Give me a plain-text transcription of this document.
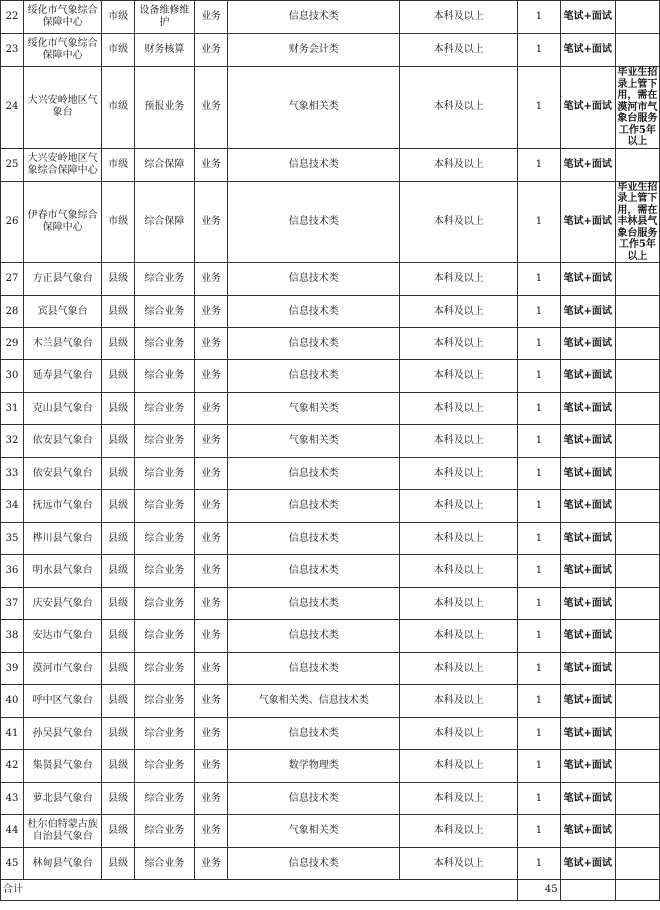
22	绥化市气象综合保障中心	市级	设备维修维护	业务	信息技术类	本科及以上	1	笔试+面试	
23	绥化市气象综合保障中心	市级	财务核算	业务	财务会计类	本科及以上	1	笔试+面试	
24	大兴安岭地区气象台	市级	预报业务	业务	气象相关类	本科及以上	1	笔试+面试	毕业生招录上管下用，需在漠河市气象台服务工作5年以上
25	大兴安岭地区气象综合保障中心	市级	综合保障	业务	信息技术类	本科及以上	1	笔试+面试	
26	伊春市气象综合保障中心	市级	综合保障	业务	信息技术类	本科及以上	1	笔试+面试	毕业生招录上管下用，需在丰林县气象台服务工作5年以上
27	方正县气象台	县级	综合业务	业务	信息技术类	本科及以上	1	笔试+面试	
28	宾县气象台	县级	综合业务	业务	信息技术类	本科及以上	1	笔试+面试	
29	木兰县气象台	县级	综合业务	业务	信息技术类	本科及以上	1	笔试+面试	
30	延寿县气象台	县级	综合业务	业务	信息技术类	本科及以上	1	笔试+面试	
31	克山县气象台	县级	综合业务	业务	气象相关类	本科及以上	1	笔试+面试	
32	依安县气象台	县级	综合业务	业务	气象相关类	本科及以上	1	笔试+面试	
33	依安县气象台	县级	综合业务	业务	信息技术类	本科及以上	1	笔试+面试	
34	抚远市气象台	县级	综合业务	业务	信息技术类	本科及以上	1	笔试+面试	
35	桦川县气象台	县级	综合业务	业务	信息技术类	本科及以上	1	笔试+面试	
36	明水县气象台	县级	综合业务	业务	信息技术类	本科及以上	1	笔试+面试	
37	庆安县气象台	县级	综合业务	业务	信息技术类	本科及以上	1	笔试+面试	
38	安达市气象台	县级	综合业务	业务	信息技术类	本科及以上	1	笔试+面试	
39	漠河市气象台	县级	综合业务	业务	信息技术类	本科及以上	1	笔试+面试	
40	呼中区气象台	县级	综合业务	业务	气象相关类、信息技术类	本科及以上	1	笔试+面试	
41	孙吴县气象台	县级	综合业务	业务	信息技术类	本科及以上	1	笔试+面试	
42	集贤县气象台	县级	综合业务	业务	数学物理类	本科及以上	1	笔试+面试	
43	萝北县气象台	县级	综合业务	业务	信息技术类	本科及以上	1	笔试+面试	
44	杜尔伯特蒙古族自治县气象台	县级	综合业务	业务	气象相关类	本科及以上	1	笔试+面试	
45	林甸县气象台	县级	综合业务	业务	信息技术类	本科及以上	1	笔试+面试	
合计							45		
